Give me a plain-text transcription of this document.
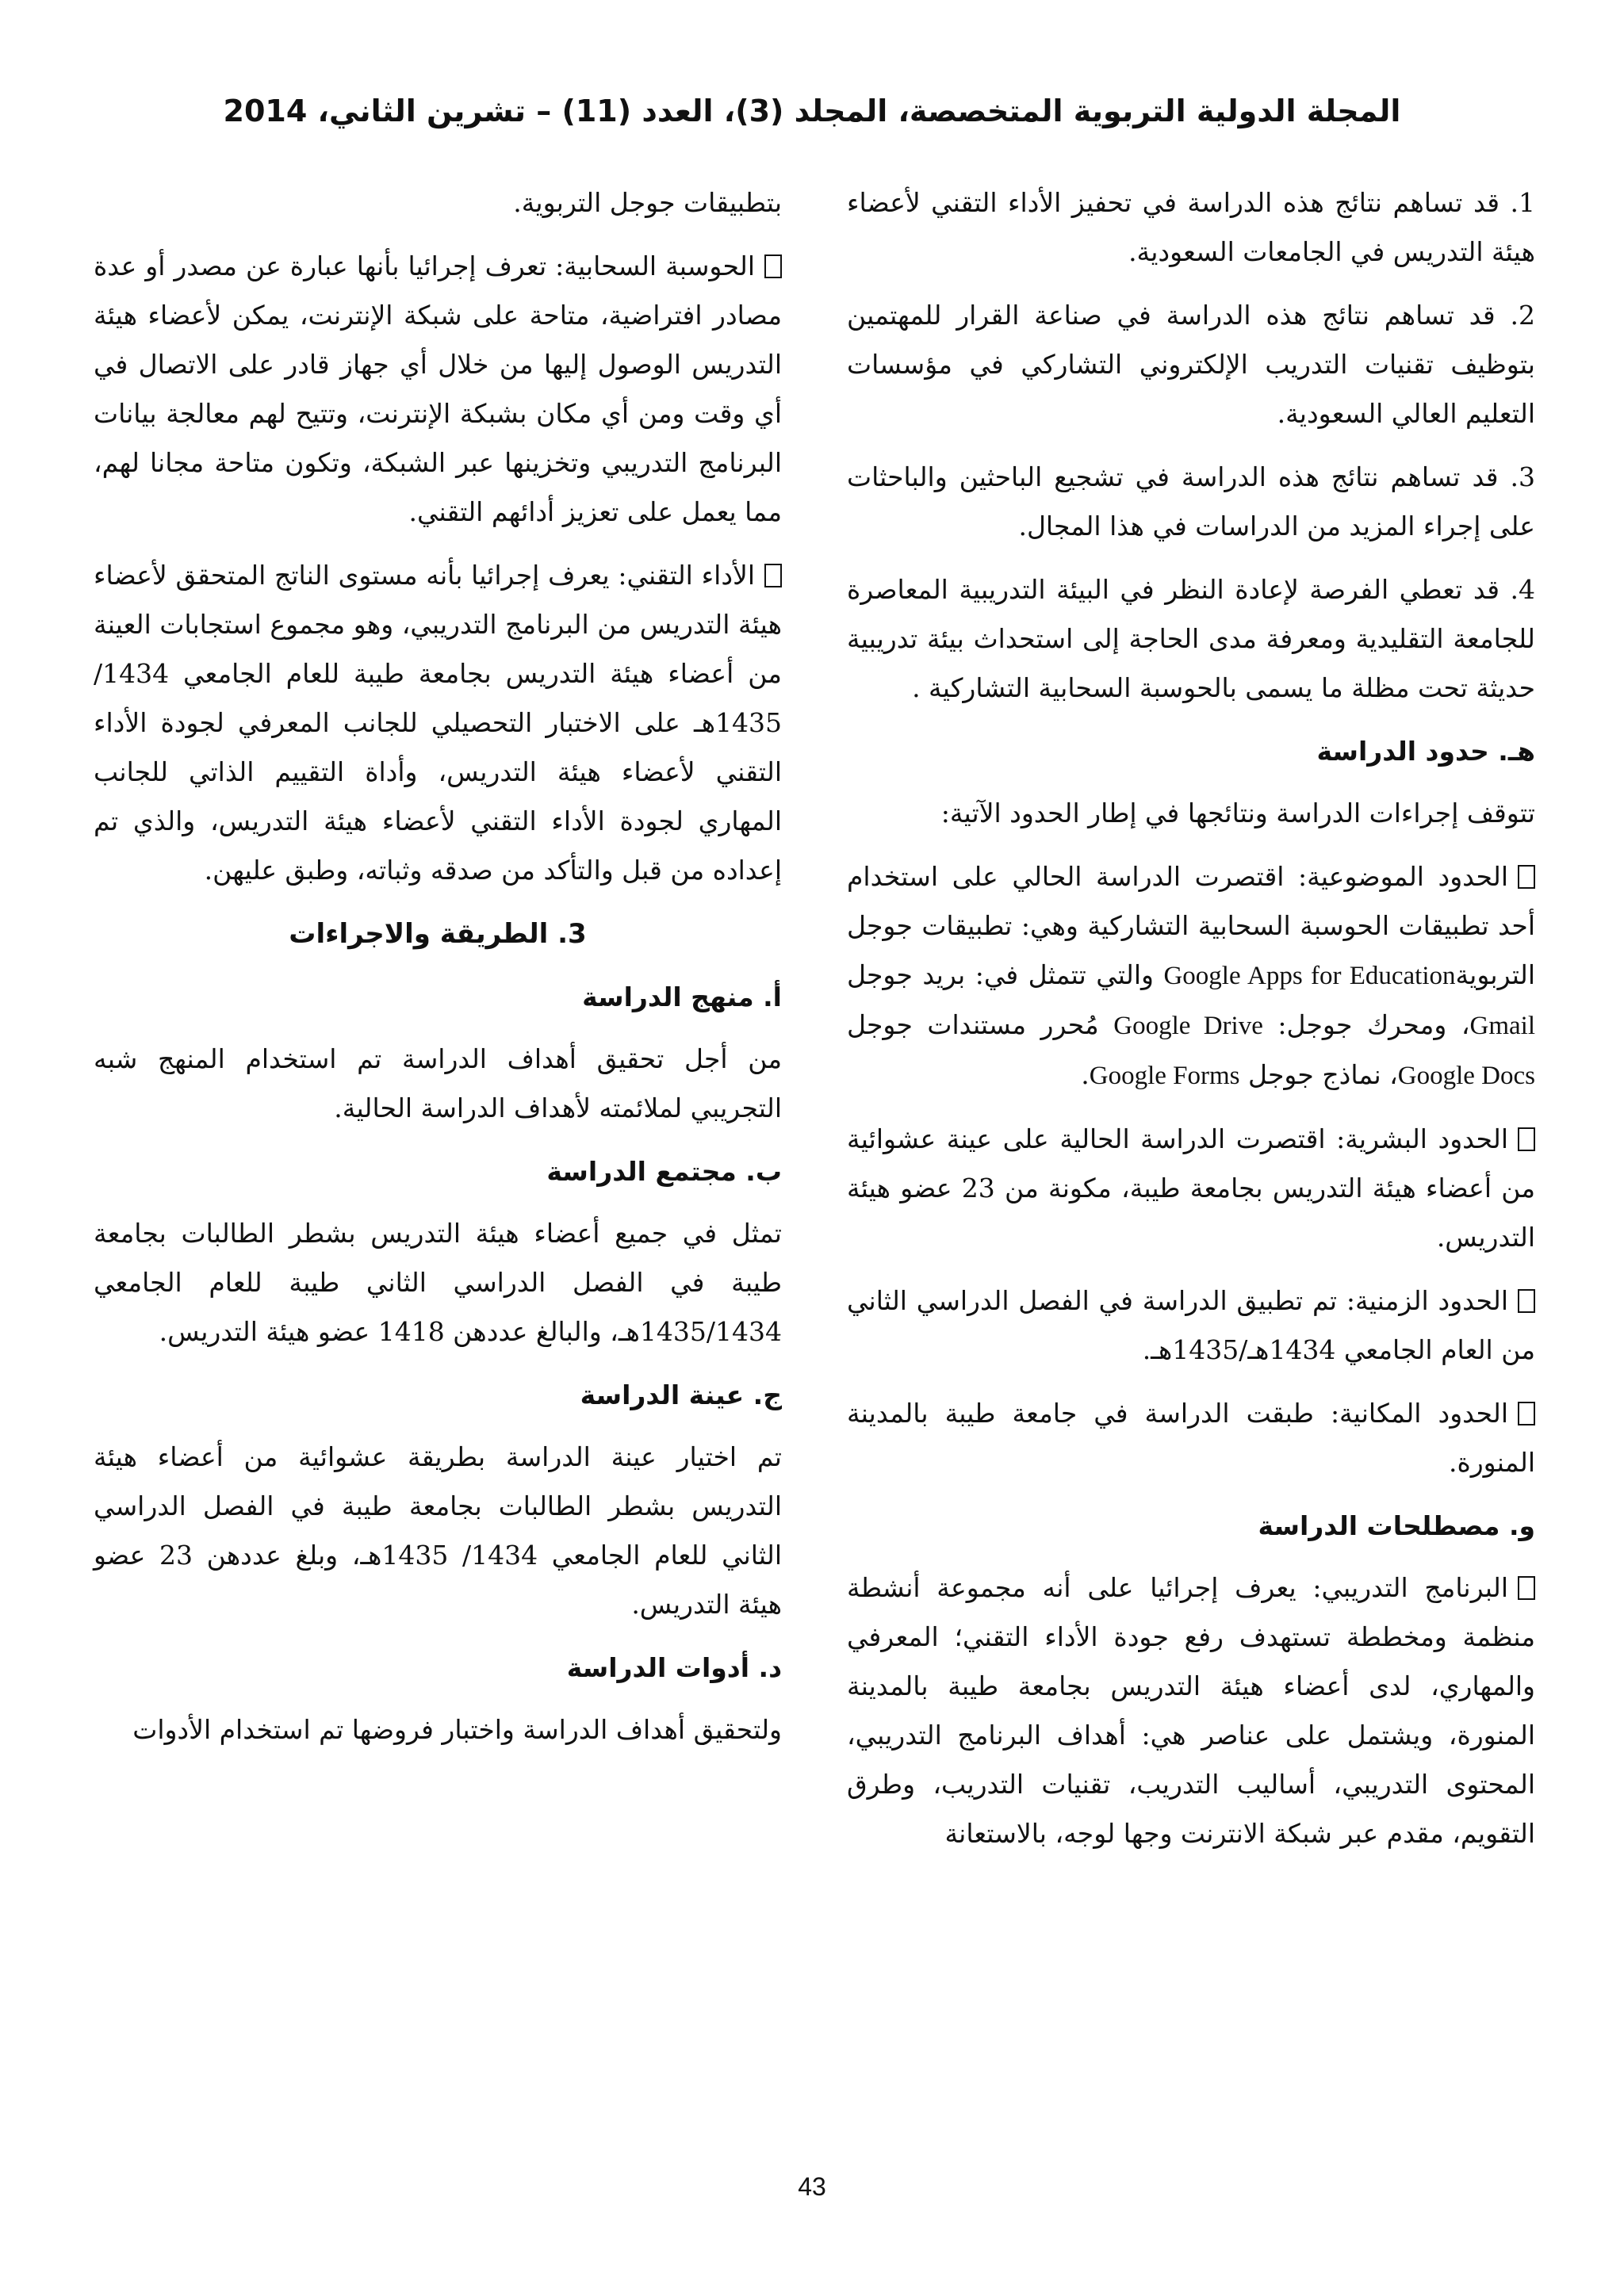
المجلة الدولية التربوية المتخصصة، المجلد (3)، العدد (11) – تشرين الثاني، 2014

1. قد تساهم نتائج هذه الدراسة في تحفيز الأداء التقني لأعضاء هيئة التدريس في الجامعات السعودية.

2. قد تساهم نتائج هذه الدراسة في صناعة القرار للمهتمين بتوظيف تقنيات التدريب الإلكتروني التشاركي في مؤسسات التعليم العالي السعودية.

3. قد تساهم نتائج هذه الدراسة في تشجيع الباحثين والباحثات على إجراء المزيد من الدراسات في هذا المجال.

4. قد تعطي الفرصة لإعادة النظر في البيئة التدريبية المعاصرة للجامعة التقليدية ومعرفة مدى الحاجة إلى استحداث بيئة تدريبية حديثة تحت مظلة ما يسمى بالحوسبة السحابية التشاركية .

هـ. حدود الدراسة

تتوقف إجراءات الدراسة ونتائجها في إطار الحدود الآتية:

الحدود الموضوعية: اقتصرت الدراسة الحالي على استخدام أحد تطبيقات الحوسبة السحابية التشاركية وهي: تطبيقات جوجل التربويةGoogle Apps for Education والتي تتمثل في: بريد جوجل Gmail، ومحرك جوجل: Google Drive مُحرر مستندات جوجل Google Docs، نماذج جوجل Google Forms.

الحدود البشرية: اقتصرت الدراسة الحالية على عينة عشوائية من أعضاء هيئة التدريس بجامعة طيبة، مكونة من 23 عضو هيئة التدريس.

الحدود الزمنية: تم تطبيق الدراسة في الفصل الدراسي الثاني من العام الجامعي 1434هـ/1435هـ.

الحدود المكانية: طبقت الدراسة في جامعة طيبة بالمدينة المنورة.

و. مصطلحات الدراسة

البرنامج التدريبي: يعرف إجرائيا على أنه مجموعة أنشطة منظمة ومخططة تستهدف رفع جودة الأداء التقني؛ المعرفي والمهاري، لدى أعضاء هيئة التدريس بجامعة طيبة بالمدينة المنورة، ويشتمل على عناصر هي: أهداف البرنامج التدريبي، المحتوى التدريبي، أساليب التدريب، تقنيات التدريب، وطرق التقويم، مقدم عبر شبكة الانترنت وجها لوجه، بالاستعانة

بتطبيقات جوجل التربوية.

الحوسبة السحابية: تعرف إجرائيا بأنها عبارة عن مصدر أو عدة مصادر افتراضية، متاحة على شبكة الإنترنت، يمكن لأعضاء هيئة التدريس الوصول إليها من خلال أي جهاز قادر على الاتصال في أي وقت ومن أي مكان بشبكة الإنترنت، وتتيح لهم معالجة بيانات البرنامج التدريبي وتخزينها عبر الشبكة، وتكون متاحة مجانا لهم، مما يعمل على تعزيز أدائهم التقني.

الأداء التقني: يعرف إجرائيا بأنه مستوى الناتج المتحقق لأعضاء هيئة التدريس من البرنامج التدريبي، وهو مجموع استجابات العينة من أعضاء هيئة التدريس بجامعة طيبة للعام الجامعي 1434/ 1435هـ على الاختبار التحصيلي للجانب المعرفي لجودة الأداء التقني لأعضاء هيئة التدريس، وأداة التقييم الذاتي للجانب المهاري لجودة الأداء التقني لأعضاء هيئة التدريس، والذي تم إعداده من قبل والتأكد من صدقه وثباته، وطبق عليهن.

3. الطريقة والاجراءات
أ. منهج الدراسة

من أجل تحقيق أهداف الدراسة تم استخدام المنهج شبه التجريبي لملائمته لأهداف الدراسة الحالية.

ب. مجتمع الدراسة

تمثل في جميع أعضاء هيئة التدريس بشطر الطالبات بجامعة طيبة في الفصل الدراسي الثاني طيبة للعام الجامعي 1435/1434هـ، والبالغ عددهن 1418 عضو هيئة التدريس.

ج. عينة الدراسة

تم اختيار عينة الدراسة بطريقة عشوائية من أعضاء هيئة التدريس بشطر الطالبات بجامعة طيبة في الفصل الدراسي الثاني للعام الجامعي 1434/ 1435هـ، وبلغ عددهن 23 عضو هيئة التدريس.

د. أدوات الدراسة

ولتحقيق أهداف الدراسة واختبار فروضها تم استخدام الأدوات

43
